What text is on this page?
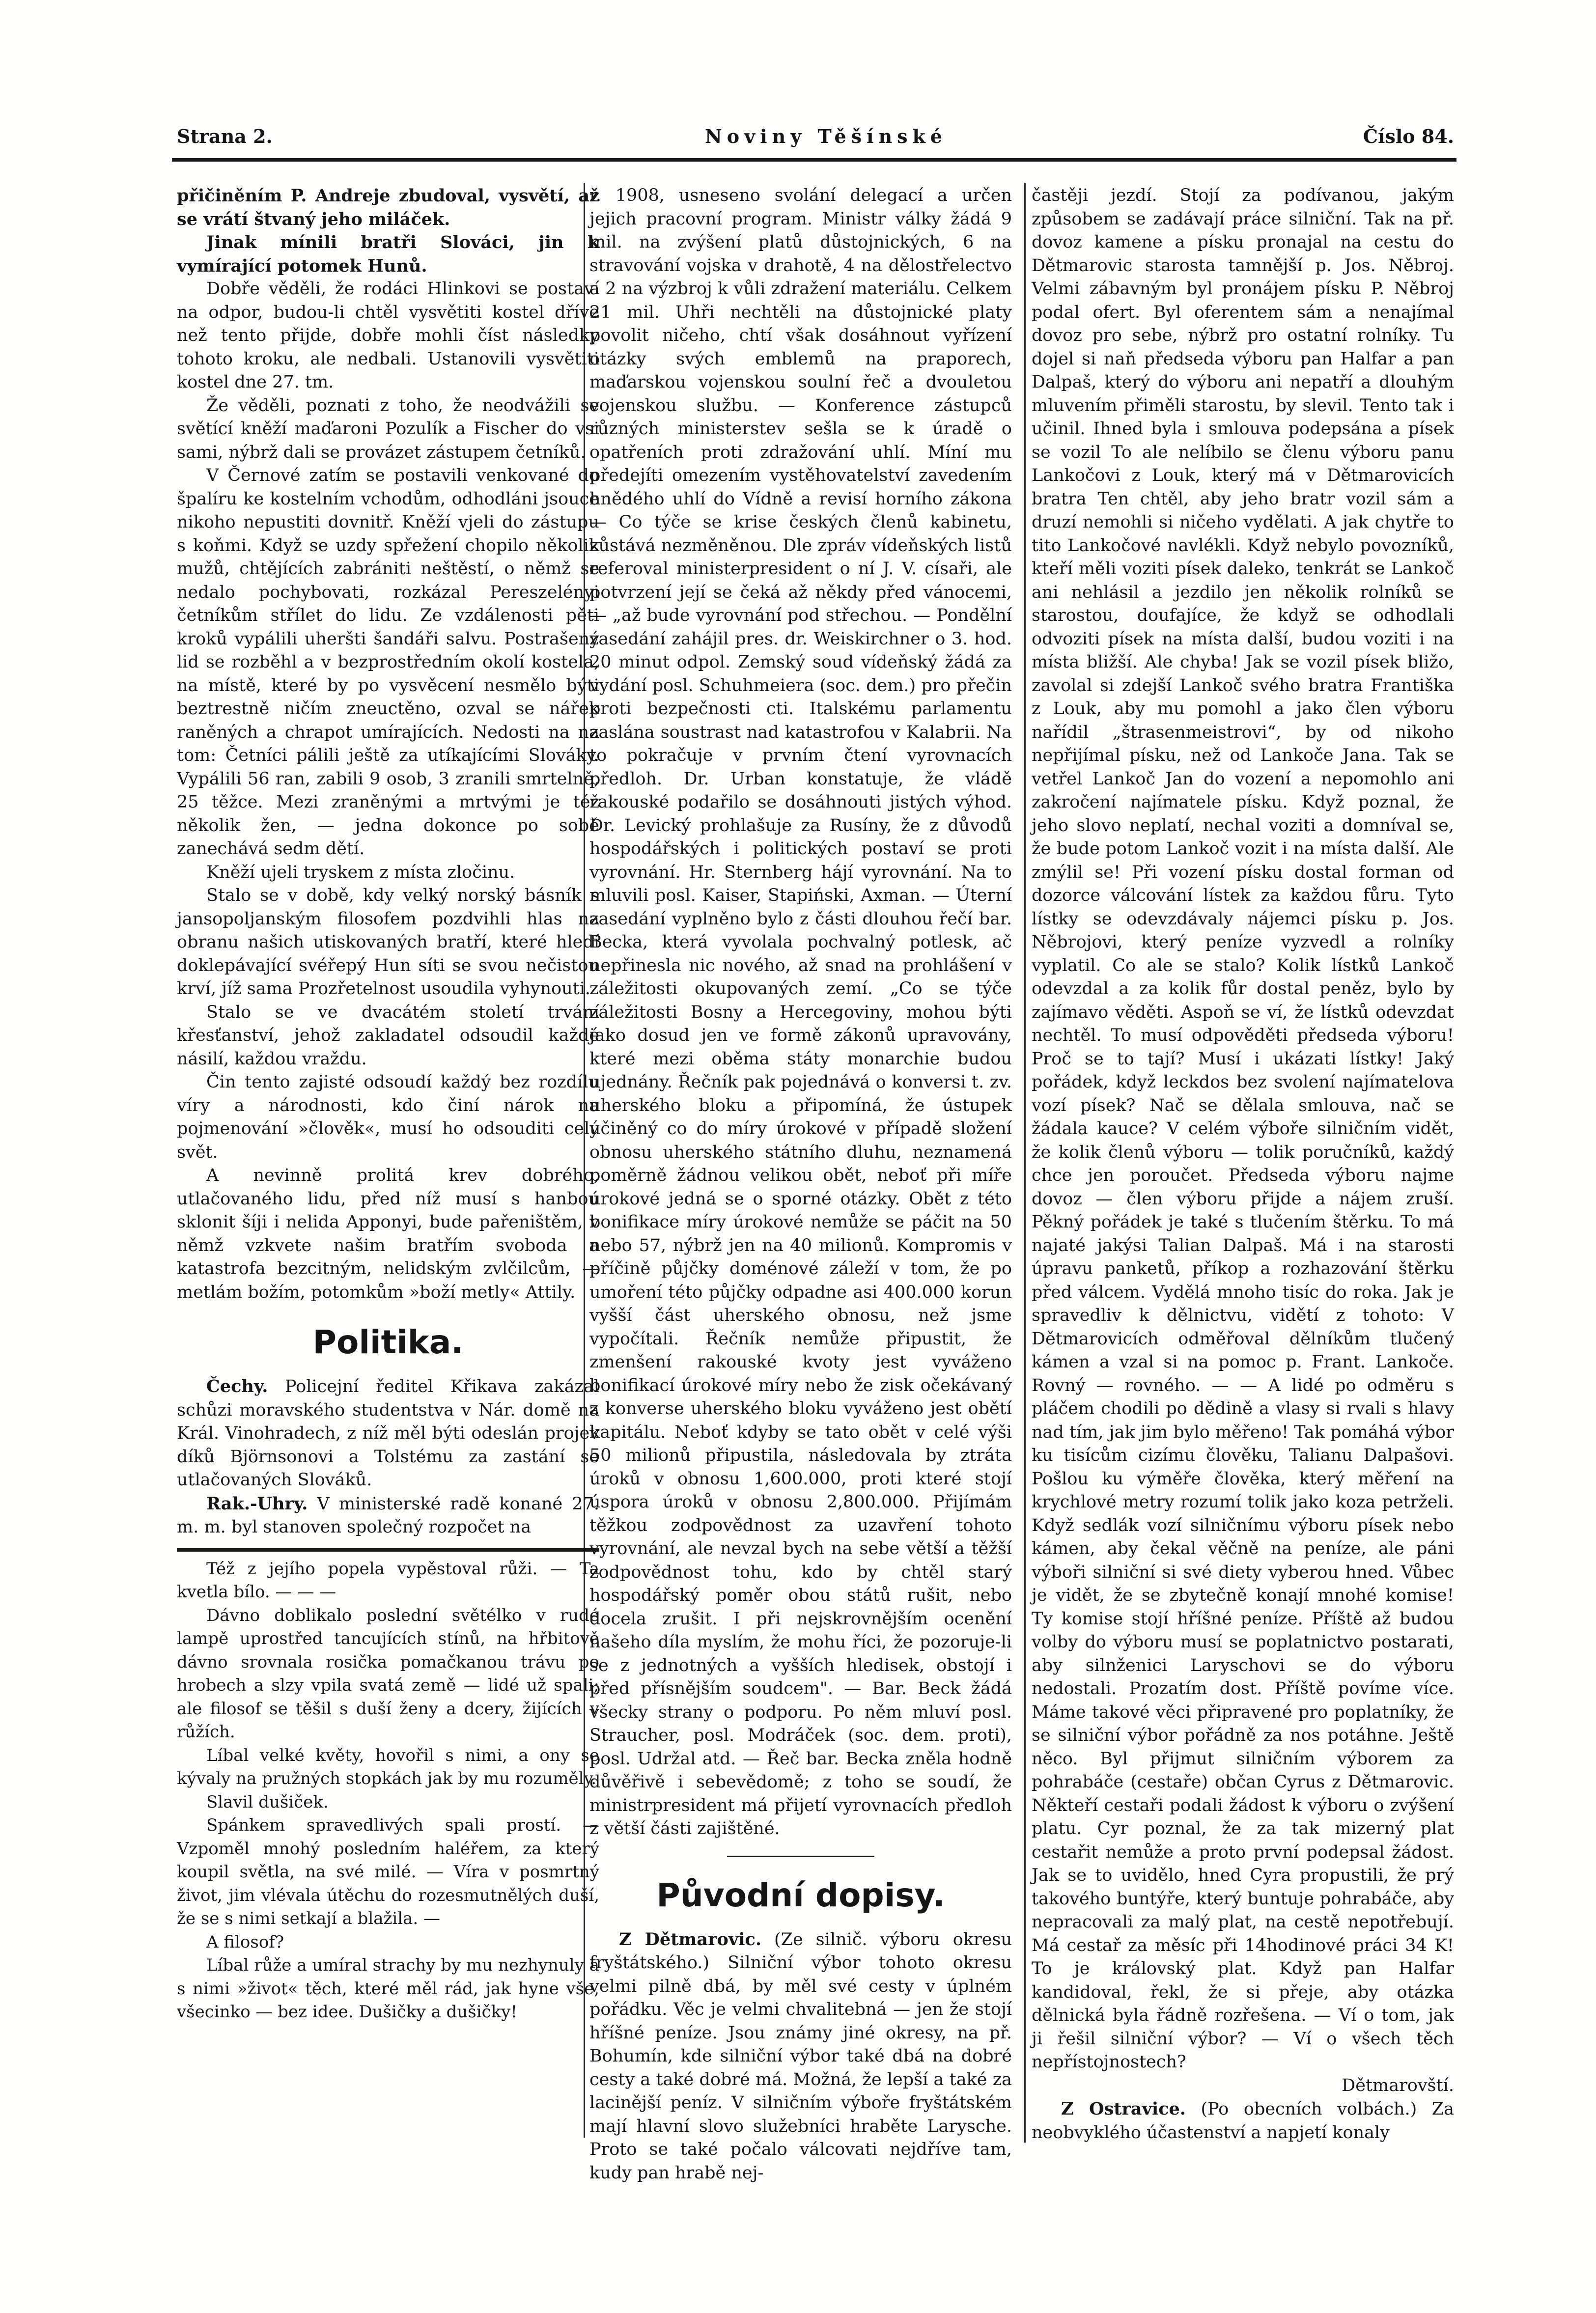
Strana 2.	Noviny Těšínské	Číslo 84.

přičiněním P. Andreje zbudoval, vysvětí, až se vrátí štvaný jeho miláček.

Jinak mínili bratři Slováci, jin k vymírající potomek Hunů.

Dobře věděli, že rodáci Hlinkovi se postaví na odpor, budou-li chtěl vysvětiti kostel dříve než tento přijde, dobře mohli číst následky tohoto kroku, ale nedbali. Ustanovili vysvětiti kostel dne 27. tm.

Že věděli, poznati z toho, že neodvážili se světící kněží maďaroni Pozulík a Fischer do vsi sami, nýbrž dali se provázet zástupem četníků.

V Černové zatím se postavili venkované do špalíru ke kostelním vchodům, odhodláni jsouce nikoho nepustiti dovnitř. Kněží vjeli do zástupu s koňmi. Když se uzdy spřežení chopilo několik mužů, chtějících zabrániti neštěstí, o němž se nedalo pochybovati, rozkázal Pereszelényi četníkům střílet do lidu. Ze vzdálenosti pěti kroků vypálili uheršti šandáři salvu. Postrašený lid se rozběhl a v bezprostředním okolí kostela, na místě, které by po vysvěcení nesmělo býti beztrestně ničím zneuctěno, ozval se nářek raněných a chrapot umírajících. Nedosti na na tom: Četníci pálili ještě za utíkajícími Slováky. Vypálili 56 ran, zabili 9 osob, 3 zranili smrtelně, 25 těžce. Mezi zraněnými a mrtvými je též několik žen, — jedna dokonce po sobě zanechává sedm dětí.

Kněží ujeli tryskem z místa zločinu.

Stalo se v době, kdy velký norský básník s jansopoljanským filosofem pozdvihli hlas na obranu našich utiskovaných bratří, které hledí doklepávající svéřepý Hun síti se svou nečistou krví, jíž sama Prozřetelnost usoudila vyhynouti.

Stalo se ve dvacátém století trvání křesťanství, jehož zakladatel odsoudil každé násilí, každou vraždu.

Čin tento zajisté odsoudí každý bez rozdílu víry a národnosti, kdo činí nárok na pojmenování »člověk«, musí ho odsouditi celý svět.

A nevinně prolitá krev dobrého, utlačovaného lidu, před níž musí s hanbou sklonit šíji i nelida Apponyi, bude pařeništěm, v němž vzkvete našim bratřím svoboda a katastrofa bezcitným, nelidským zvlčilcům, — metlám božím, potomkům »boží metly« Attily.

Politika.

Čechy. Policejní ředitel Křikava zakázal schůzi moravského studentstva v Nár. domě na Král. Vinohradech, z níž měl býti odeslán projev díků Björnsonovi a Tolstému za zastání se utlačovaných Slováků.

Rak.-Uhry. V ministerské radě konané 27. m. m. byl stanoven společný rozpočet na

Též z jejího popela vypěstoval růži. — Ta kvetla bílo. — — —

Dávno doblikalo poslední světélko v rudé lampě uprostřed tancujících stínů, na hřbitově dávno srovnala rosička pomačkanou trávu po hrobech a slzy vpila svatá země — lidé už spali; ale filosof se těšil s duší ženy a dcery, žijících v růžích.

Líbal velké květy, hovořil s nimi, a ony se kývaly na pružných stopkách jak by mu rozuměly.

Slavil dušiček.

Spánkem spravedlivých spali prostí. — Vzpoměl mnohý posledním haléřem, za který koupil světla, na své milé. — Víra v posmrtný život, jim vlévala útěchu do rozesmutnělých duší, že se s nimi setkají a blažila. —

A filosof?

Líbal růže a umíral strachy by mu nezhynuly a s nimi »život« těch, které měl rád, jak hyne vše, všecinko — bez idee. Dušičky a dušičky!

r. 1908, usneseno svolání delegací a určen jejich pracovní program. Ministr války žádá 9 mil. na zvýšení platů důstojnických, 6 na stravování vojska v drahotě, 4 na dělostřelectvo a 2 na výzbroj k vůli zdražení materiálu. Celkem 21 mil. Uhři nechtěli na důstojnické platy povolit ničeho, chtí však dosáhnout vyřízení otázky svých emblemů na praporech, maďarskou vojenskou soulní řeč a dvouletou vojenskou službu. — Konference zástupců různých ministerstev sešla se k úradě o opatřeních proti zdražování uhlí. Míní mu předejíti omezením vystěhovatelství zavedením hnědého uhlí do Vídně a revisí horního zákona — Co týče se krise českých členů kabinetu, zůstává nezměněnou. Dle zpráv vídeňských listů referoval ministerpresident o ní J. V. císaři, ale potvrzení její se čeká až někdy před vánocemi, — „až bude vyrovnání pod střechou. — Pondělní zasedání zahájil pres. dr. Weiskirchner o 3. hod. 20 minut odpol. Zemský soud vídeňský žádá za vydání posl. Schuhmeiera (soc. dem.) pro přečin proti bezpečnosti cti. Italskému parlamentu zaslána soustrast nad katastrofou v Kalabrii. Na to pokračuje v prvním čtení vyrovnacích předloh. Dr. Urban konstatuje, že vládě rakouské podařilo se dosáhnouti jistých výhod. Dr. Levický prohlašuje za Rusíny, že z důvodů hospodářských i politických postaví se proti vyrovnání. Hr. Sternberg hájí vyrovnání. Na to mluvili posl. Kaiser, Stapiński, Axman. — Úterní zasedání vyplněno bylo z části dlouhou řečí bar. Becka, která vyvolala pochvalný potlesk, ač nepřinesla nic nového, až snad na prohlášení v záležitosti okupovaných zemí. „Co se týče záležitosti Bosny a Hercegoviny, mohou býti jako dosud jen ve formě zákonů upravovány, které mezi oběma státy monarchie budou ujednány. Řečník pak pojednává o konversi t. zv. uherského bloku a připomíná, že ústupek učiněný co do míry úrokové v případě složení obnosu uherského státního dluhu, neznamená poměrně žádnou velikou obět, neboť při míře úrokové jedná se o sporné otázky. Obět z této bonifikace míry úrokové nemůže se páčit na 50 nebo 57, nýbrž jen na 40 milionů. Kompromis v příčině půjčky doménové záleží v tom, že po umoření této půjčky odpadne asi 400.000 korun vyšší část uherského obnosu, než jsme vypočítali. Řečník nemůže připustit, že zmenšení rakouské kvoty jest vyváženo bonifikací úrokové míry nebo že zisk očekávaný z konverse uherského bloku vyváženo jest obětí kapitálu. Neboť kdyby se tato obět v celé výši 50 milionů připustila, následovala by ztráta úroků v obnosu 1,600.000, proti které stojí úspora úroků v obnosu 2,800.000. Přijímám těžkou zodpovědnost za uzavření tohoto vyrovnání, ale nevzal bych na sebe větší a těžší zodpovědnost tohu, kdo by chtěl starý hospodářský poměr obou států rušit, nebo docela zrušit. I při nejskrovnějším ocenění našeho díla myslím, že mohu říci, že pozoruje-li se z jednotných a vyšších hledisek, obstojí i před přísnějším soudcem". — Bar. Beck žádá všecky strany o podporu. Po něm mluví posl. Straucher, posl. Modráček (soc. dem. proti), posl. Udržal atd. — Řeč bar. Becka zněla hodně důvěřivě i sebevědomě; z toho se soudí, že ministrpresident má přijetí vyrovnacích předloh z větší části zajištěné.

Původní dopisy.

Z Dětmarovic. (Ze silnič. výboru okresu fryštátského.) Silniční výbor tohoto okresu velmi pilně dbá, by měl své cesty v úplném pořádku. Věc je velmi chvalitebná — jen že stojí hříšné peníze. Jsou známy jiné okresy, na př. Bohumín, kde silniční výbor také dbá na dobré cesty a také dobré má. Možná, že lepší a také za lacinější peníz. V silničním výboře fryštátském mají hlavní slovo služebníci hraběte Larysche. Proto se také počalo válcovati nejdříve tam, kudy pan hrabě nej-

častěji jezdí. Stojí za podívanou, jakým způsobem se zadávají práce silniční. Tak na př. dovoz kamene a písku pronajal na cestu do Dětmarovic starosta tamnější p. Jos. Něbroj. Velmi zábavným byl pronájem písku P. Něbroj podal ofert. Byl oferentem sám a nenajímal dovoz pro sebe, nýbrž pro ostatní rolníky. Tu dojel si naň předseda výboru pan Halfar a pan Dalpaš, který do výboru ani nepatří a dlouhým mluvením přiměli starostu, by slevil. Tento tak i učinil. Ihned byla i smlouva podepsána a písek se vozil To ale nelíbilo se členu výboru panu Lankočovi z Louk, který má v Dětmarovicích bratra Ten chtěl, aby jeho bratr vozil sám a druzí nemohli si ničeho vydělati. A jak chytře to tito Lankočové navlékli. Když nebylo povozníků, kteří měli voziti písek daleko, tenkrát se Lankoč ani nehlásil a jezdilo jen několik rolníků se starostou, doufajíce, že když se odhodlali odvoziti písek na místa další, budou voziti i na místa bližší. Ale chyba! Jak se vozil písek bližo, zavolal si zdejší Lankoč svého bratra Františka z Louk, aby mu pomohl a jako člen výboru nařídil „štrasenmeistrovi“, by od nikoho nepřijímal písku, než od Lankoče Jana. Tak se vetřel Lankoč Jan do vození a nepomohlo ani zakročení najímatele písku. Když poznal, že jeho slovo neplatí, nechal voziti a domníval se, že bude potom Lankoč vozit i na místa další. Ale zmýlil se! Při vození písku dostal forman od dozorce válcování lístek za každou fůru. Tyto lístky se odevzdávaly nájemci písku p. Jos. Něbrojovi, který peníze vyzvedl a rolníky vyplatil. Co ale se stalo? Kolik lístků Lankoč odevzdal a za kolik fůr dostal peněz, bylo by zajímavo věděti. Aspoň se ví, že lístků odevzdat nechtěl. To musí odpověděti předseda výboru! Proč se to tají? Musí i ukázati lístky! Jaký pořádek, když leckdos bez svolení najímatelova vozí písek? Nač se dělala smlouva, nač se žádala kauce? V celém výboře silničním vidět, že kolik členů výboru — tolik poručníků, každý chce jen poroučet. Předseda výboru najme dovoz — člen výboru přijde a nájem zruší. Pěkný pořádek je také s tlučením štěrku. To má najaté jakýsi Talian Dalpaš. Má i na starosti úpravu panketů, příkop a rozhazování štěrku před válcem. Vydělá mnoho tisíc do roka. Jak je spravedliv k dělnictvu, vidětí z tohoto: V Dětmarovicích odměřoval dělníkům tlučený kámen a vzal si na pomoc p. Frant. Lankoče. Rovný — rovného. — — A lidé po odměru s pláčem chodili po dědině a vlasy si rvali s hlavy nad tím, jak jim bylo měřeno! Tak pomáhá výbor ku tisícům cizímu člověku, Talianu Dalpašovi. Pošlou ku výměře člověka, který měření na krychlové metry rozumí tolik jako koza petrželi. Když sedlák vozí silničnímu výboru písek nebo kámen, aby čekal věčně na peníze, ale páni výboři silniční si své diety vyberou hned. Vůbec je vidět, že se zbytečně konají mnohé komise! Ty komise stojí hříšné peníze. Příště až budou volby do výboru musí se poplatnictvo postarati, aby silnženici Laryschovi se do výboru nedostali. Prozatím dost. Příště povíme více. Máme takové věci připravené pro poplatníky, že se silniční výbor pořádně za nos potáhne. Ještě něco. Byl přijmut silničním výborem za pohrabáče (cestaře) občan Cyrus z Dětmarovic. Někteří cestaři podali žádost k výboru o zvýšení platu. Cyr poznal, že za tak mizerný plat cestařit nemůže a proto první podepsal žádost. Jak se to uvidělo, hned Cyra propustili, že prý takového buntýře, který buntuje pohrabáče, aby nepracovali za malý plat, na cestě nepotřebují. Má cestař za měsíc při 14hodinové práci 34 K! To je královský plat. Když pan Halfar kandidoval, řekl, že si přeje, aby otázka dělnická byla řádně rozřešena. — Ví o tom, jak ji řešil silniční výbor? — Ví o všech těch nepřístojnostech?

Dětmarovští.

Z Ostravice. (Po obecních volbách.) Za neobvyklého účastenství a napjetí konaly
